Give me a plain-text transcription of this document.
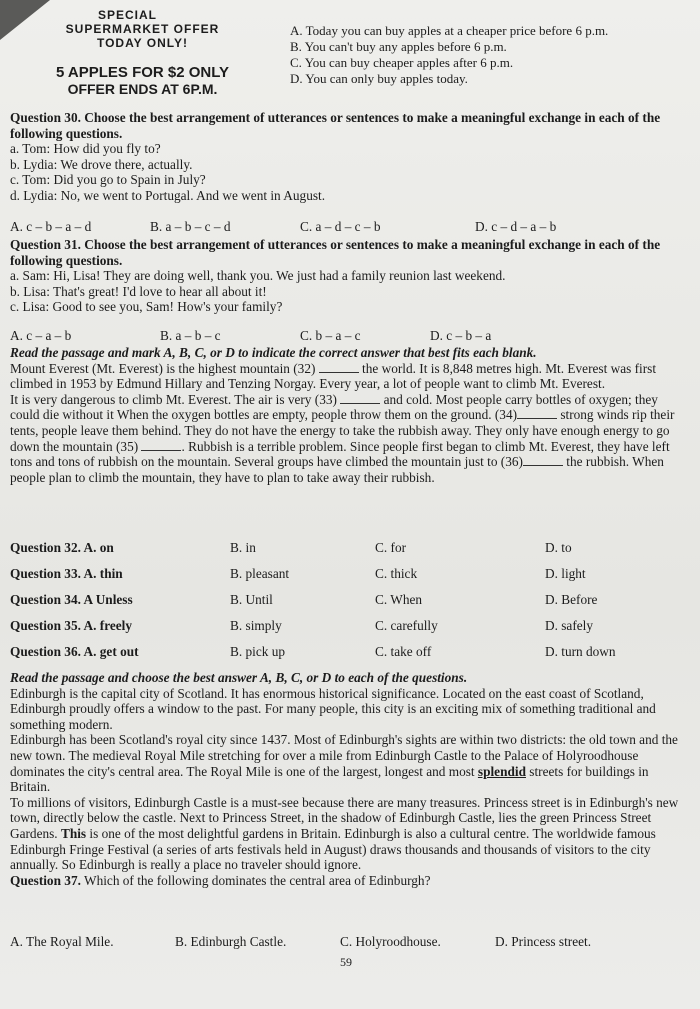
SPECIAL
SUPERMARKET OFFER
TODAY ONLY!
5 APPLES FOR $2 ONLY
OFFER ENDS AT 6P.M.
A. Today you can buy apples at a cheaper price before 6 p.m.
B. You can't buy any apples before 6 p.m.
C. You can buy cheaper apples after 6 p.m.
D. You can only buy apples today.

Question 30. Choose the best arrangement of utterances or sentences to make a meaningful exchange in each of the following questions.

a. Tom: How did you fly to?

b. Lydia: We drove there, actually.

c. Tom: Did you go to Spain in July?

d. Lydia: No, we went to Portugal. And we went in August.

A. c – b – a – d	B. a – b – c – d	C. a – d – c – b	D. c – d – a – b

Question 31. Choose the best arrangement of utterances or sentences to make a meaningful exchange in each of the following questions.

a. Sam: Hi, Lisa! They are doing well, thank you. We just had a family reunion last weekend.

b. Lisa: That's great! I'd love to hear all about it!

c. Lisa: Good to see you, Sam! How's your family?

A. c – a – b	B. a – b – c	C. b – a – c	D. c – b – a

Read the passage and mark A, B, C, or D to indicate the correct answer that best fits each blank.

Mount Everest (Mt. Everest) is the highest mountain (32)	the world. It is 8,848 metres high. Mt. Everest was first climbed in 1953 by Edmund Hillary and Tenzing Norgay. Every year, a lot of people want to climb Mt. Everest.

It is very dangerous to climb Mt. Everest. The air is very (33)	and cold. Most people carry bottles of oxygen; they could die without it When the oxygen bottles are empty, people throw them on the ground. (34)	strong winds rip their tents, people leave them behind. They do not have the energy to take the rubbish away. They only have enough energy to go down the mountain (35)	. Rubbish is a terrible problem. Since people first began to climb Mt. Everest, they have left tons and tons of rubbish on the mountain. Several groups have climbed the mountain just to (36)	the rubbish. When people plan to climb the mountain, they have to plan to take away their rubbish.

Question 32. A. on	B. in	C. for	D. to
Question 33. A. thin	B. pleasant	C. thick	D. light
Question 34. A Unless	B. Until	C. When	D. Before
Question 35. A. freely	B. simply	C. carefully	D. safely
Question 36. A. get out	B. pick up	C. take off	D. turn down

Read the passage and choose the best answer A, B, C, or D to each of the questions.

Edinburgh is the capital city of Scotland. It has enormous historical significance. Located on the east coast of Scotland, Edinburgh proudly offers a window to the past. For many people, this city is an exciting mix of something traditional and something modern.

Edinburgh has been Scotland's royal city since 1437. Most of Edinburgh's sights are within two districts: the old town and the new town. The medieval Royal Mile stretching for over a mile from Edinburgh Castle to the Palace of Holyroodhouse dominates the city's central area. The Royal Mile is one of the largest, longest and most splendid streets for buildings in Britain.

To millions of visitors, Edinburgh Castle is a must-see because there are many treasures. Princess street is in Edinburgh's new town, directly below the castle. Next to Princess Street, in the shadow of Edinburgh Castle, lies the green Princess Street Gardens. This is one of the most delightful gardens in Britain. Edinburgh is also a cultural centre. The worldwide famous Edinburgh Fringe Festival (a series of arts festivals held in August) draws thousands and thousands of visitors to the city annually. So Edinburgh is really a place no traveler should ignore.

Question 37. Which of the following dominates the central area of Edinburgh?

A. The Royal Mile.	B. Edinburgh Castle.	C. Holyroodhouse.	D. Princess street.
59
